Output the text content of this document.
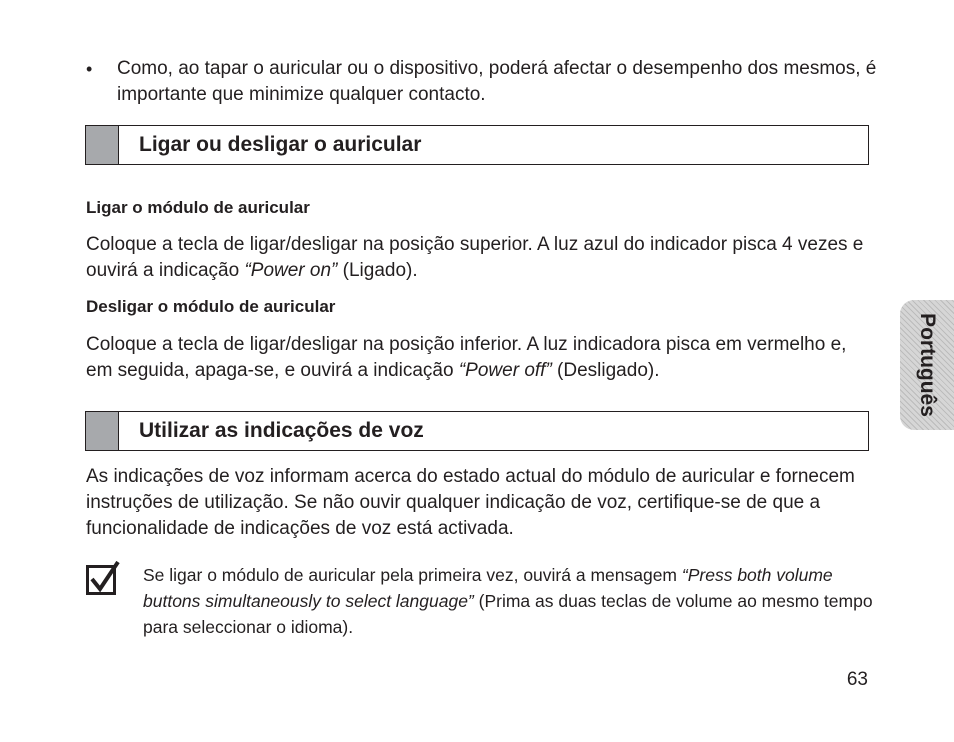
• Como, ao tapar o auricular ou o dispositivo, poderá afectar o desempenho dos mesmos, é importante que minimize qualquer contacto.
Ligar ou desligar o auricular
Ligar o módulo de auricular
Coloque a tecla de ligar/desligar na posição superior. A luz azul do indicador pisca 4 vezes e ouvirá a indicação “Power on” (Ligado).
Desligar o módulo de auricular
Coloque a tecla de ligar/desligar na posição inferior. A luz indicadora pisca em vermelho e, em seguida, apaga-se, e ouvirá a indicação “Power off” (Desligado).
Utilizar as indicações de voz
As indicações de voz informam acerca do estado actual do módulo de auricular e fornecem instruções de utilização. Se não ouvir qualquer indicação de voz, certifique-se de que a funcionalidade de indicações de voz está activada.
Se ligar o módulo de auricular pela primeira vez, ouvirá a mensagem “Press both volume buttons simultaneously to select language” (Prima as duas teclas de volume ao mesmo tempo para seleccionar o idioma).
Português
63
